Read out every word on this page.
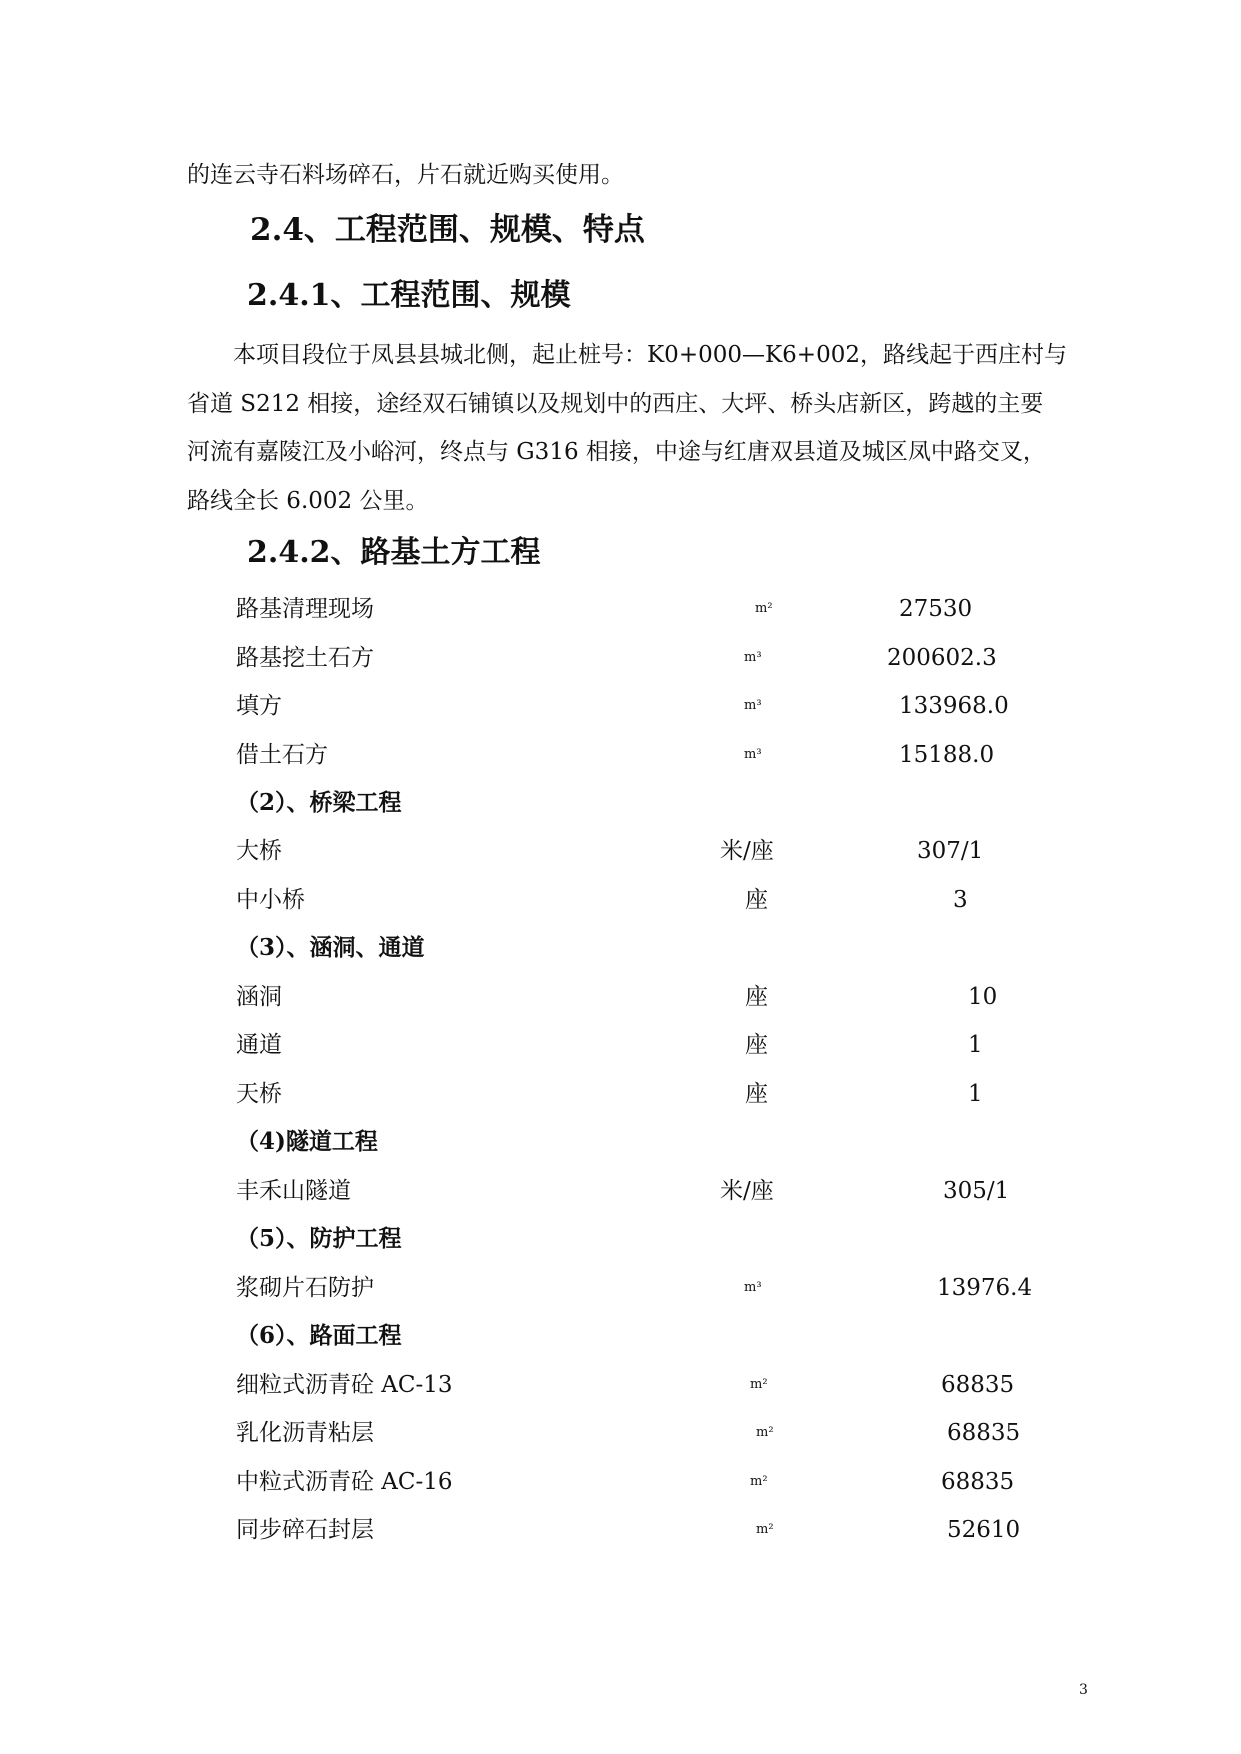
的连云寺石料场碎石，片石就近购买使用。
2.4、工程范围、规模、特点
2.4.1、工程范围、规模

本项目段位于凤县县城北侧，起止桩号：K0+000—K6+002，路线起于西庄村与

省道 S212 相接，途经双石铺镇以及规划中的西庄、大坪、桥头店新区，跨越的主要

河流有嘉陵江及小峪河，终点与 G316 相接，中途与红唐双县道及城区凤中路交叉，

路线全长 6.002 公里。

2.4.2、路基土方工程
路基清理现场	m²	27530
路基挖土石方	m³	200602.3
填方	m³	133968.0
借土石方	m³	15188.0
（2）、桥梁工程
大桥	米/座	307/1
中小桥	座	3
（3）、涵洞、通道
涵洞	座	10
通道	座	1
天桥	座	1
（4)隧道工程
丰禾山隧道	米/座	305/1
（5）、防护工程
浆砌片石防护	m³	13976.4
（6）、路面工程
细粒式沥青砼 AC-13	m²	68835
乳化沥青粘层	m²	68835
中粒式沥青砼 AC-16	m²	68835
同步碎石封层	m²	52610
3
